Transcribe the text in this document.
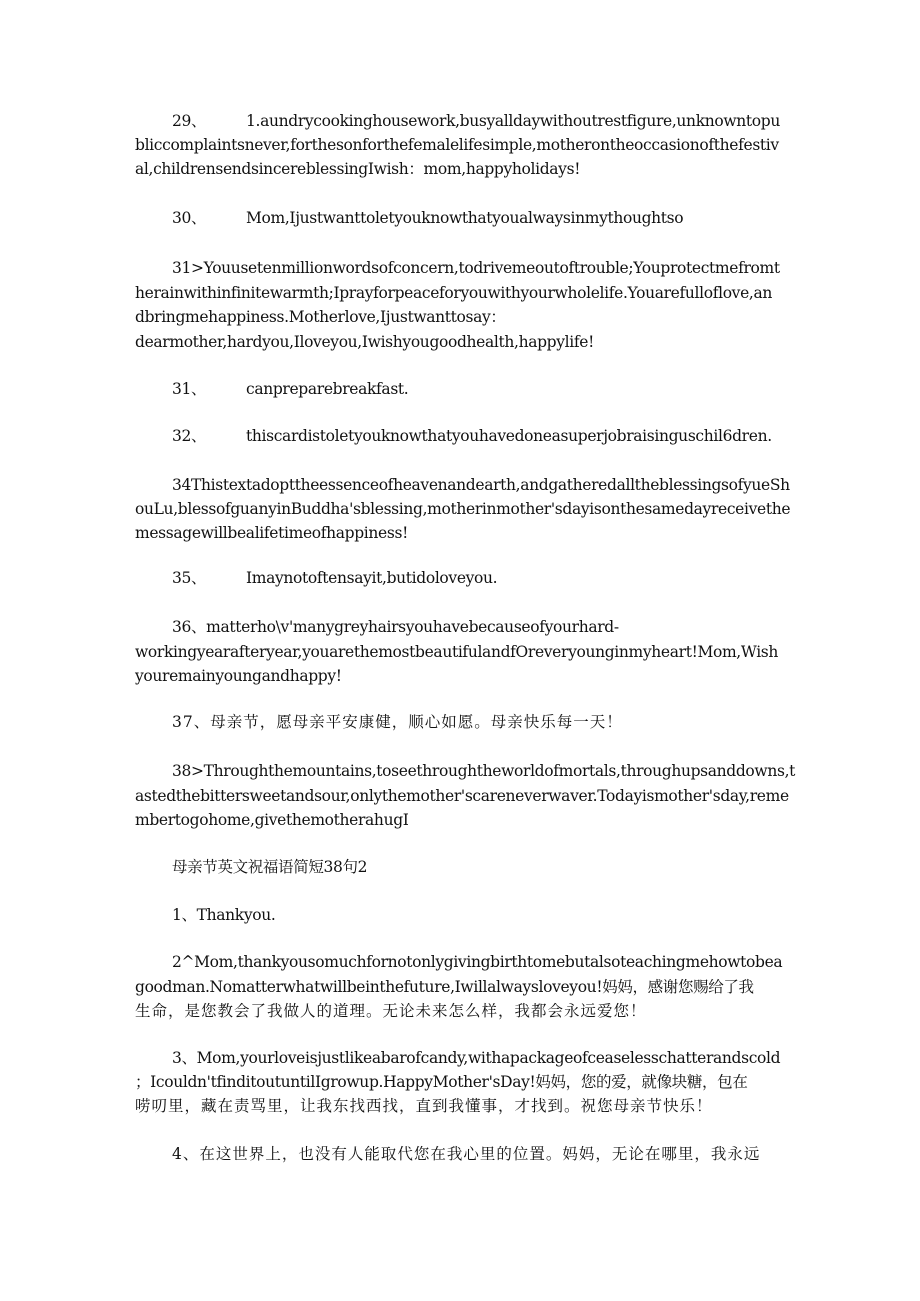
29、	1.aundrycookinghousework,busyalldaywithoutrestfigure,unknowntopu
bliccomplaintsnever,forthesonforthefemalelifesimple,motherontheoccasionofthefestiv
al,childrensendsincereblessingIwish：mom,happyholidays!
30、	Mom,Ijustwanttoletyouknowthatyoualwaysinmythoughtso
31>Youusetenmillionwordsofconcern,todrivemeoutoftrouble;Youprotectmefromt
herainwithinfinitewarmth;Iprayforpeaceforyouwithyourwholelife.Youarefulloflove,an
dbringmehappiness.Motherlove,Ijustwanttosay：
dearmother,hardyou,Iloveyou,Iwishyougoodhealth,happylife!
31、	canpreparebreakfast.
32、	thiscardistoletyouknowthatyouhavedoneasuperjobraisinguschil6dren.
34Thistextadopttheessenceofheavenandearth,andgatheredalltheblessingsofyueSh
ouLu,blessofguanyinBuddha'sblessing,motherinmother'sdayisonthesamedayreceivethe
messagewillbealifetimeofhappiness!
35、	Imaynotoftensayit,butidoloveyou.
36、matterho\v'manygreyhairsyouhavebecauseofyourhard-
workingyearafteryear,youarethemostbeautifulandfOreveryounginmyheart!Mom,Wish
youremainyoungandhappy!
37、母亲节，愿母亲平安康健，顺心如愿。母亲快乐每一天！
38>Throughthemountains,toseethroughtheworldofmortals,throughupsanddowns,t
astedthebittersweetandsour,onlythemother'scareneverwaver.Todayismother'sday,reme
mbertogohome,givethemotherahugI
母亲节英文祝福语简短38句2
1、Thankyou.
2^Mom,thankyousomuchfornotonlygivingbirthtomebutalsoteachingmehowtobea
goodman.Nomatterwhatwillbeinthefuture,Iwillalwaysloveyou!妈妈，感谢您赐给了我
生命，是您教会了我做人的道理。无论未来怎么样，我都会永远爱您！
3、Mom,yourloveisjustlikeabarofcandy,withapackageofceaselesschatterandscold
；Icouldn'tfinditoutuntilIgrowup.HappyMother'sDay!妈妈，您的爱，就像块糖，包在
唠叨里，藏在责骂里，让我东找西找，直到我懂事，才找到。祝您母亲节快乐！
4、在这世界上，也没有人能取代您在我心里的位置。妈妈，无论在哪里，我永远
